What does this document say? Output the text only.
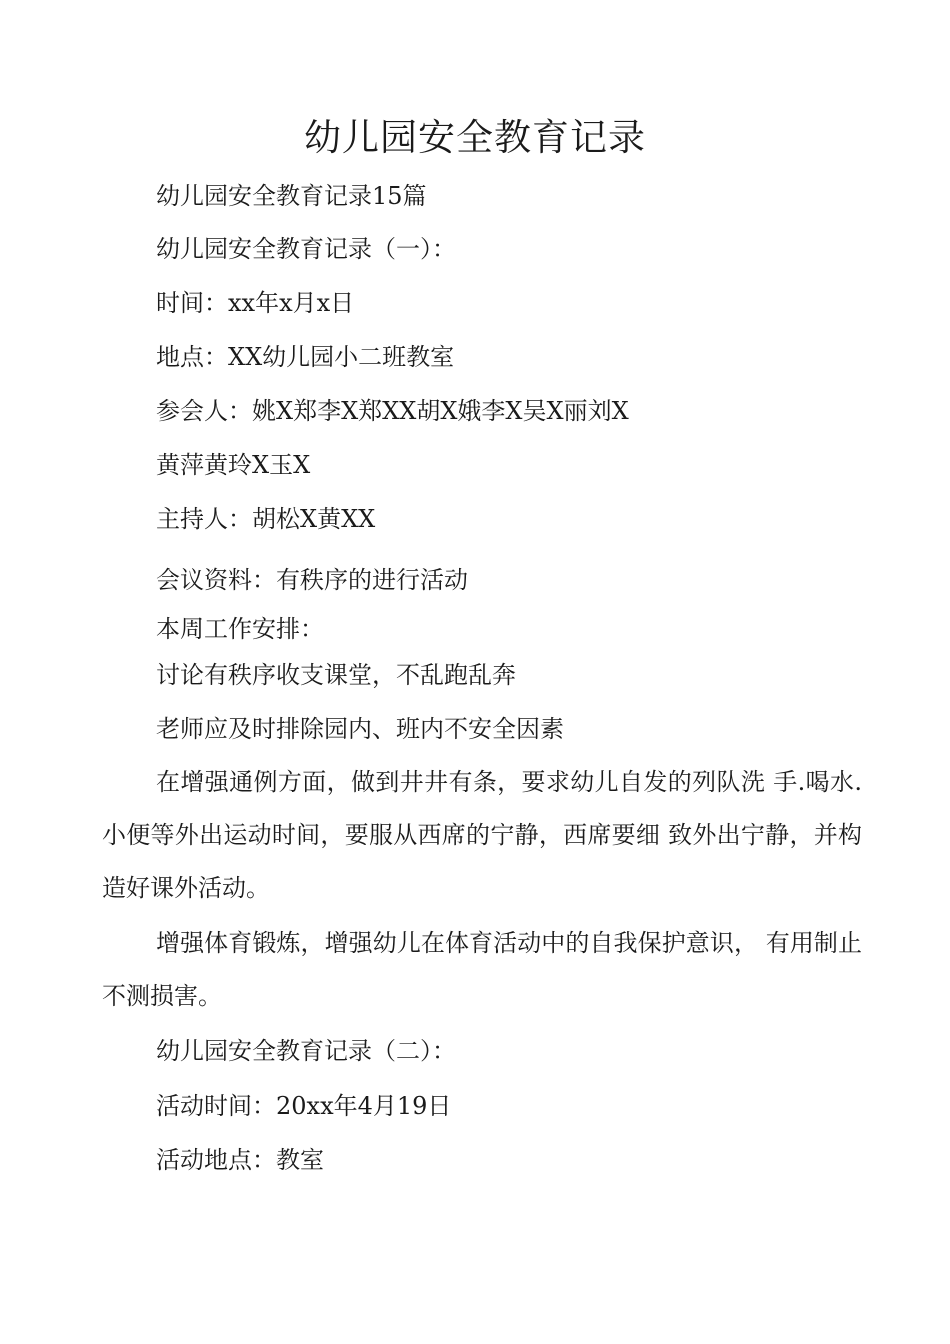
幼儿园安全教育记录
幼儿园安全教育记录15篇
幼儿园安全教育记录（一）：
时间：xx年x月x日
地点：XX幼儿园小二班教室
参会人：姚X郑李X郑XX胡X娥李X吴X丽刘X
黄萍黄玲X玉X
主持人：胡松X黄XX
会议资料：有秩序的进行活动
本周工作安排：
讨论有秩序收支课堂，不乱跑乱奔
老师应及时排除园内、班内不安全因素
在增强通例方面，做到井井有条，要求幼儿自发的列队洗 手.喝水.小便等外出运动时间，要服从西席的宁静，西席要细 致外出宁静，并构造好课外活动。
增强体育锻炼，增强幼儿在体育活动中的自我保护意识， 有用制止不测损害。
幼儿园安全教育记录（二）：
活动时间：20xx年4月19日
活动地点：教室
